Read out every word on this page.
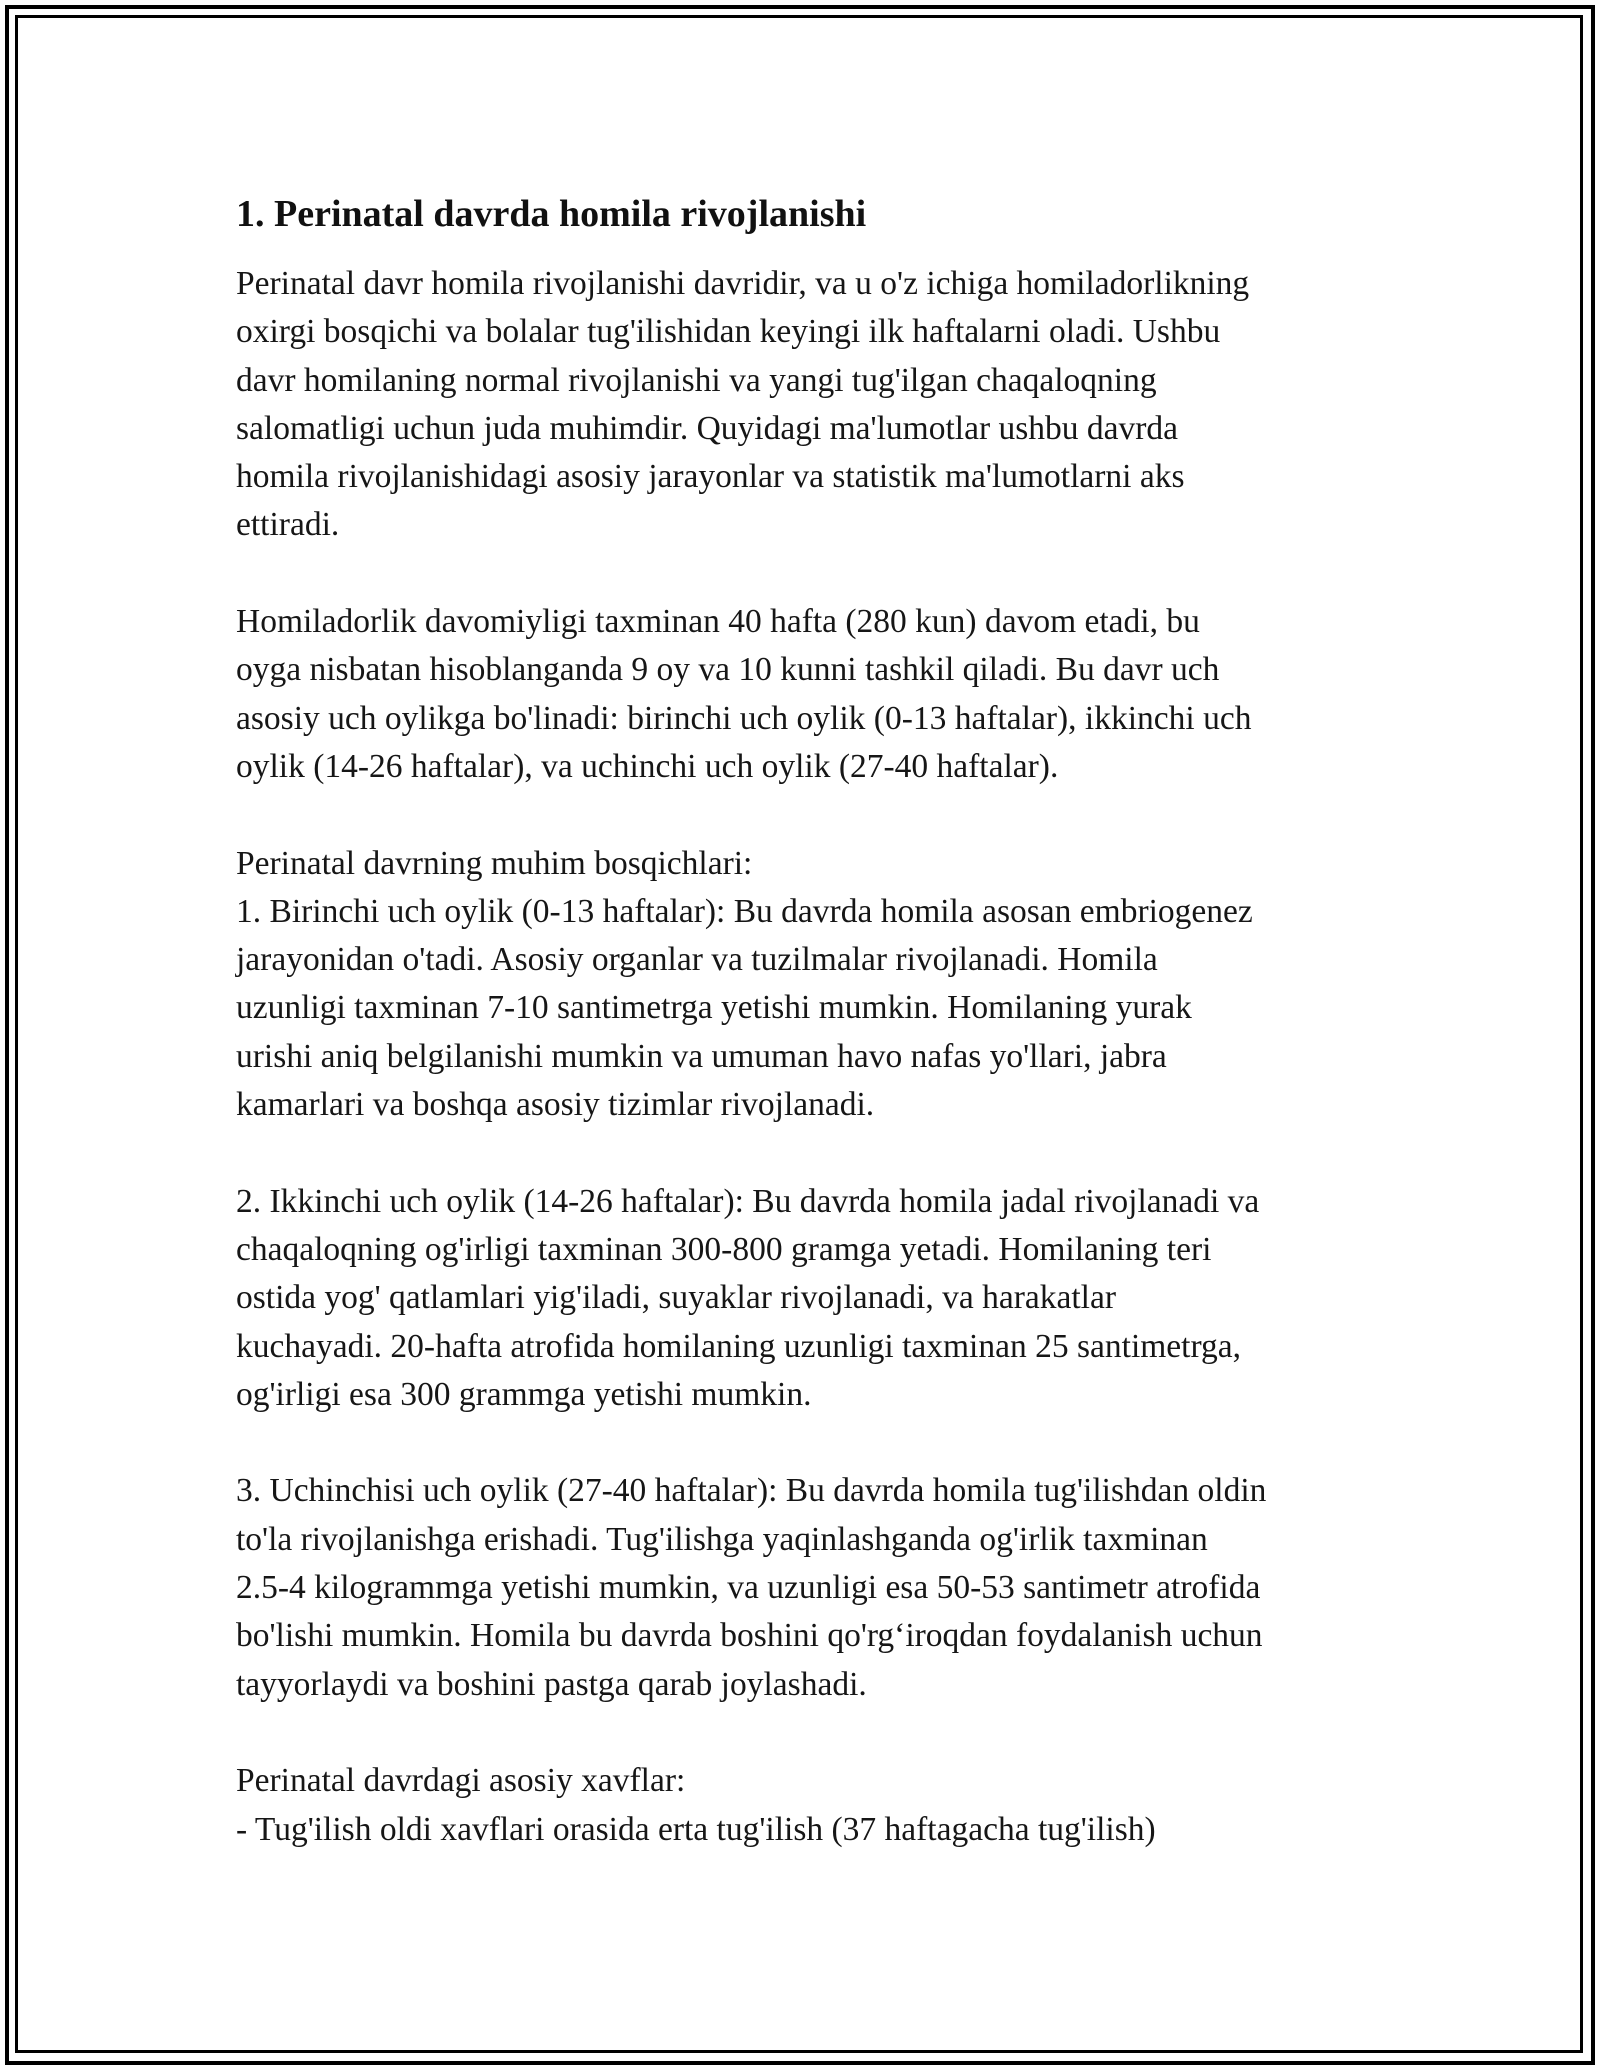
1. Perinatal davrda homila rivojlanishi

Perinatal davr homila rivojlanishi davridir, va u o'z ichiga homiladorlikning
oxirgi bosqichi va bolalar tug'ilishidan keyingi ilk haftalarni oladi. Ushbu
davr homilaning normal rivojlanishi va yangi tug'ilgan chaqaloqning
salomatligi uchun juda muhimdir. Quyidagi ma'lumotlar ushbu davrda
homila rivojlanishidagi asosiy jarayonlar va statistik ma'lumotlarni aks
ettiradi.

Homiladorlik davomiyligi taxminan 40 hafta (280 kun) davom etadi, bu
oyga nisbatan hisoblanganda 9 oy va 10 kunni tashkil qiladi. Bu davr uch
asosiy uch oylikga bo'linadi: birinchi uch oylik (0-13 haftalar), ikkinchi uch
oylik (14-26 haftalar), va uchinchi uch oylik (27-40 haftalar).

Perinatal davrning muhim bosqichlari:
1. Birinchi uch oylik (0-13 haftalar): Bu davrda homila asosan embriogenez
jarayonidan o'tadi. Asosiy organlar va tuzilmalar rivojlanadi. Homila
uzunligi taxminan 7-10 santimetrga yetishi mumkin. Homilaning yurak
urishi aniq belgilanishi mumkin va umuman havo nafas yo'llari, jabra
kamarlari va boshqa asosiy tizimlar rivojlanadi.

2. Ikkinchi uch oylik (14-26 haftalar): Bu davrda homila jadal rivojlanadi va
chaqaloqning og'irligi taxminan 300-800 gramga yetadi. Homilaning teri
ostida yog' qatlamlari yig'iladi, suyaklar rivojlanadi, va harakatlar
kuchayadi. 20-hafta atrofida homilaning uzunligi taxminan 25 santimetrga,
og'irligi esa 300 grammga yetishi mumkin.

3. Uchinchisi uch oylik (27-40 haftalar): Bu davrda homila tug'ilishdan oldin
to'la rivojlanishga erishadi. Tug'ilishga yaqinlashganda og'irlik taxminan
2.5-4 kilogrammga yetishi mumkin, va uzunligi esa 50-53 santimetr atrofida
bo'lishi mumkin. Homila bu davrda boshini qo'rg‘iroqdan foydalanish uchun
tayyorlaydi va boshini pastga qarab joylashadi.

Perinatal davrdagi asosiy xavflar:
- Tug'ilish oldi xavflari orasida erta tug'ilish (37 haftagacha tug'ilish)
